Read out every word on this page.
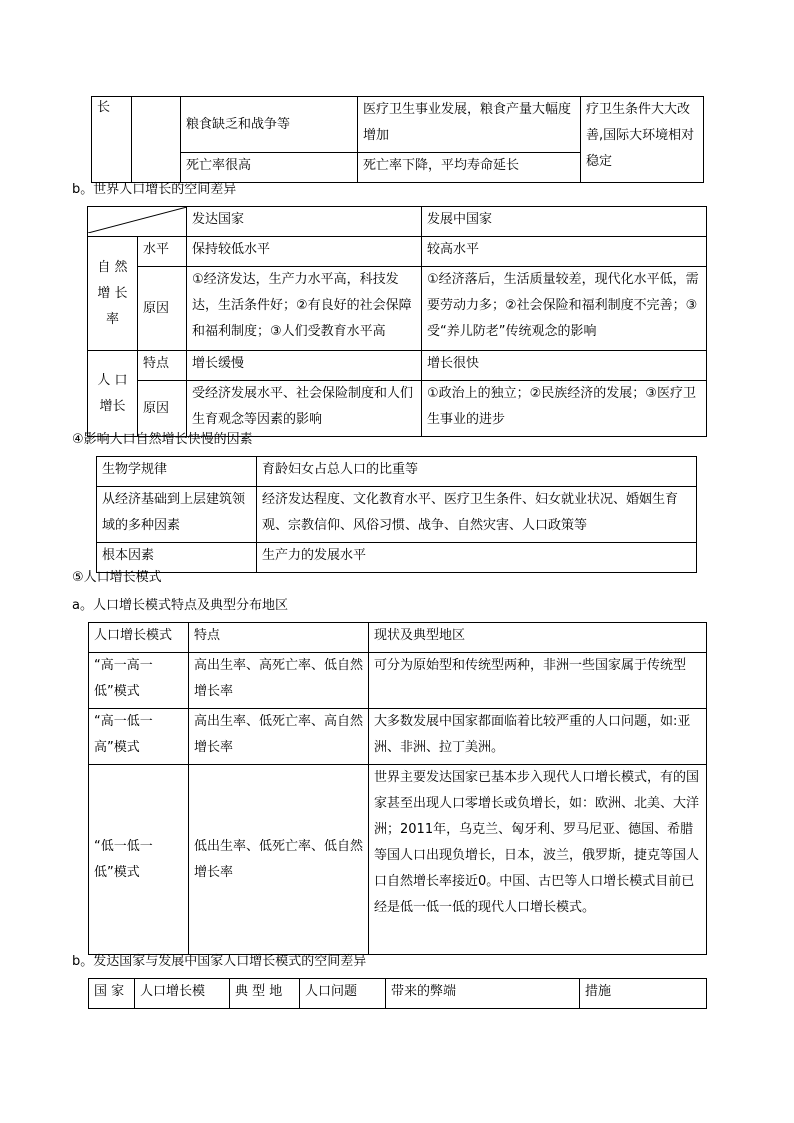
长		粮食缺乏和战争等	医疗卫生事业发展，粮食产量大幅度增加	疗卫生条件大大改善,国际大环境相对稳定
		死亡率很高	死亡率下降，平均寿命延长	
b。世界人口增长的空间差异
	发达国家	发展中国家
自 然 增 长 率	水平	保持较低水平	较高水平
	原因	①经济发达，生产力水平高，科技发达，生活条件好；②有良好的社会保障和福利制度；③人们受教育水平高	①经济落后，生活质量较差，现代化水平低，需要劳动力多；②社会保险和福利制度不完善；③受“养儿防老”传统观念的影响
人 口 增长	特点	增长缓慢	增长很快
	原因	受经济发展水平、社会保险制度和人们生育观念等因素的影响	①政治上的独立；②民族经济的发展；③医疗卫生事业的进步
④影响人口自然增长快慢的因素
生物学规律	育龄妇女占总人口的比重等
从经济基础到上层建筑领域的多种因素	经济发达程度、文化教育水平、医疗卫生条件、妇女就业状况、婚姻生育观、宗教信仰、风俗习惯、战争、自然灾害、人口政策等
根本因素	生产力的发展水平
⑤人口增长模式
a。人口增长模式特点及典型分布地区
人口增长模式	特点	现状及典型地区
“高一高一低”模式	高出生率、高死亡率、低自然增长率	可分为原始型和传统型两种，非洲一些国家属于传统型
“高一低一高”模式	高出生率、低死亡率、高自然增长率	大多数发展中国家都面临着比较严重的人口问题，如:亚洲、非洲、拉丁美洲。
“低一低一低”模式	低出生率、低死亡率、低自然增长率	世界主要发达国家已基本步入现代人口增长模式，有的国家甚至出现人口零增长或负增长，如：欧洲、北美、大洋洲；2011年，乌克兰、匈牙利、罗马尼亚、德国、希腊等国人口出现负增长，日本，波兰，俄罗斯，捷克等国人口自然增长率接近0。中国、古巴等人口增长模式目前已经是低一低一低的现代人口增长模式。
b。发达国家与发展中国家人口增长模式的空间差异
国 家	人口增长模	典 型 地	人口问题	带来的弊端	措施
